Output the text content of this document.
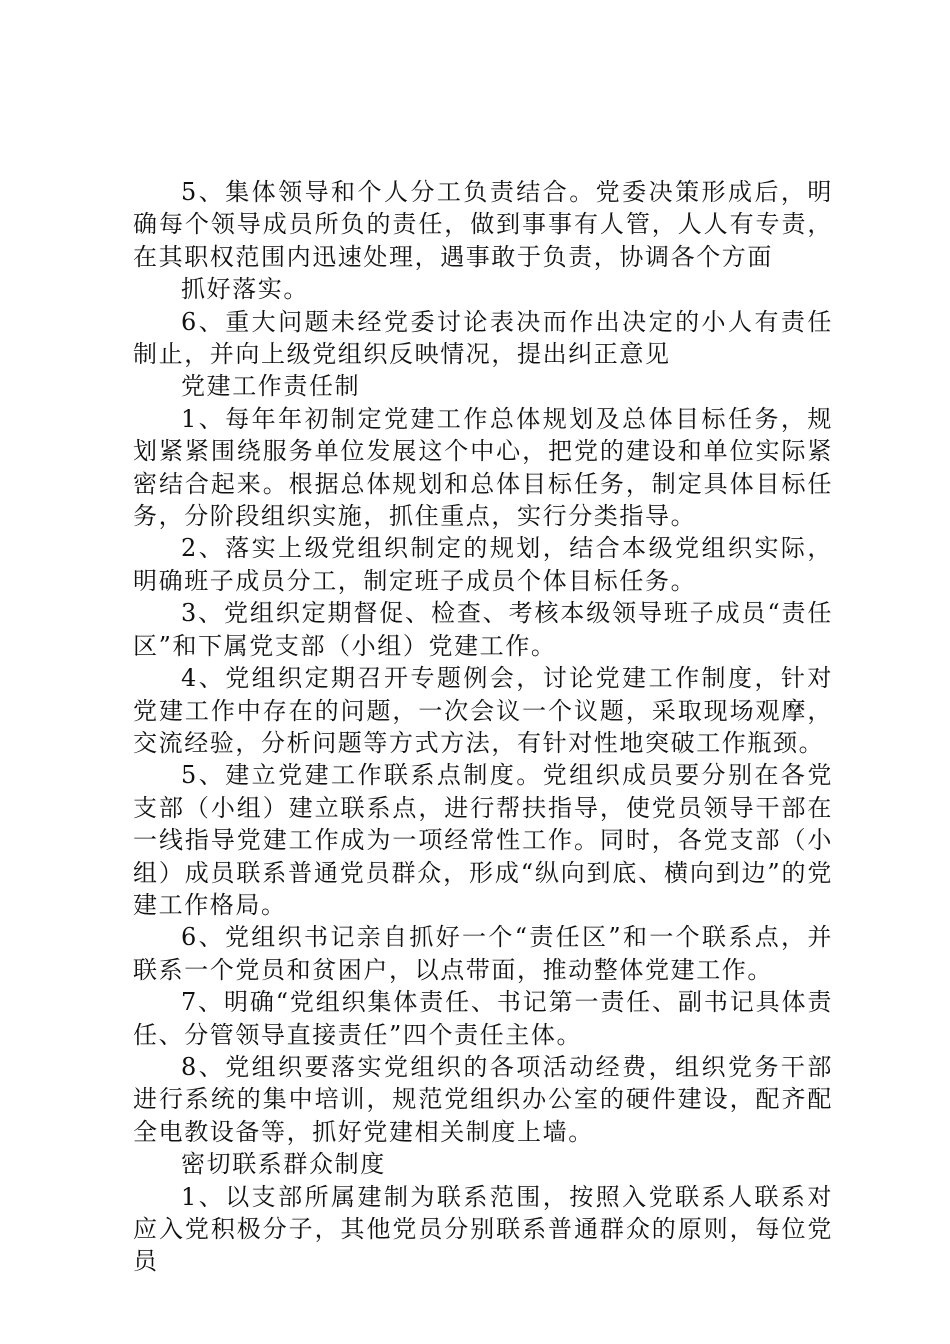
5、集体领导和个人分工负责结合。党委决策形成后，明确每个领导成员所负的责任，做到事事有人管，人人有专责，在其职权范围内迅速处理，遇事敢于负责，协调各个方面

抓好落实。

6、重大问题未经党委讨论表决而作出决定的小人有责任制止，并向上级党组织反映情况，提出纠正意见

党建工作责任制

1、每年年初制定党建工作总体规划及总体目标任务，规划紧紧围绕服务单位发展这个中心，把党的建设和单位实际紧密结合起来。根据总体规划和总体目标任务，制定具体目标任务，分阶段组织实施，抓住重点，实行分类指导。

2、落实上级党组织制定的规划，结合本级党组织实际，明确班子成员分工，制定班子成员个体目标任务。

3、党组织定期督促、检查、考核本级领导班子成员“责任区”和下属党支部（小组）党建工作。

4、党组织定期召开专题例会，讨论党建工作制度，针对党建工作中存在的问题，一次会议一个议题，采取现场观摩，交流经验，分析问题等方式方法，有针对性地突破工作瓶颈。

5、建立党建工作联系点制度。党组织成员要分别在各党支部（小组）建立联系点，进行帮扶指导，使党员领导干部在一线指导党建工作成为一项经常性工作。同时，各党支部（小组）成员联系普通党员群众，形成“纵向到底、横向到边”的党建工作格局。

6、党组织书记亲自抓好一个“责任区”和一个联系点，并联系一个党员和贫困户，以点带面，推动整体党建工作。

7、明确“党组织集体责任、书记第一责任、副书记具体责任、分管领导直接责任”四个责任主体。

8、党组织要落实党组织的各项活动经费，组织党务干部进行系统的集中培训，规范党组织办公室的硬件建设，配齐配全电教设备等，抓好党建相关制度上墙。

密切联系群众制度

1、以支部所属建制为联系范围，按照入党联系人联系对应入党积极分子，其他党员分别联系普通群众的原则，每位党员
